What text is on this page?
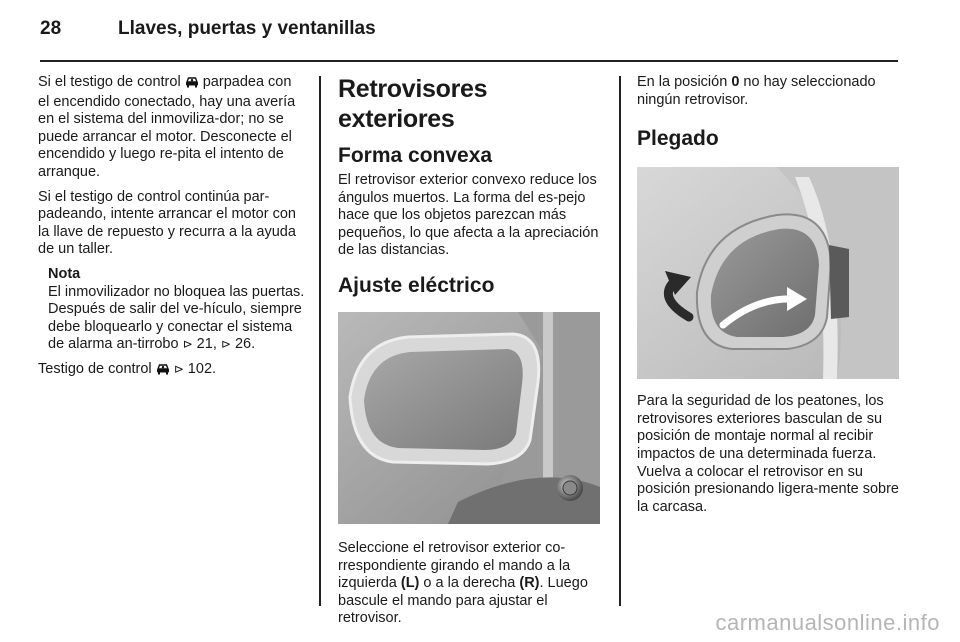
28	Llaves, puertas y ventanillas

Si el testigo de control  parpadea con el encendido conectado, hay una avería en el sistema del inmoviliza-dor; no se puede arrancar el motor. Desconecte el encendido y luego re-pita el intento de arranque.

Si el testigo de control continúa par-padeando, intente arrancar el motor con la llave de repuesto y recurra a la ayuda de un taller.

Nota
El inmovilizador no bloquea las puertas. Después de salir del ve-hículo, siempre debe bloquearlo y conectar el sistema de alarma an-tirrobo ⊳ 21, ⊳ 26.

Testigo de control  ⊳ 102.

Retrovisores exteriores
Forma convexa

El retrovisor exterior convexo reduce los ángulos muertos. La forma del es-pejo hace que los objetos parezcan más pequeños, lo que afecta a la apreciación de las distancias.

Ajuste eléctrico

Seleccione el retrovisor exterior co-rrespondiente girando el mando a la izquierda (L) o a la derecha (R). Luego bascule el mando para ajustar el retrovisor.

En la posición 0 no hay seleccionado ningún retrovisor.

Plegado

Para la seguridad de los peatones, los retrovisores exteriores basculan de su posición de montaje normal al recibir impactos de una determinada fuerza. Vuelva a colocar el retrovisor en su posición presionando ligera-mente sobre la carcasa.

carmanualsonline.info
